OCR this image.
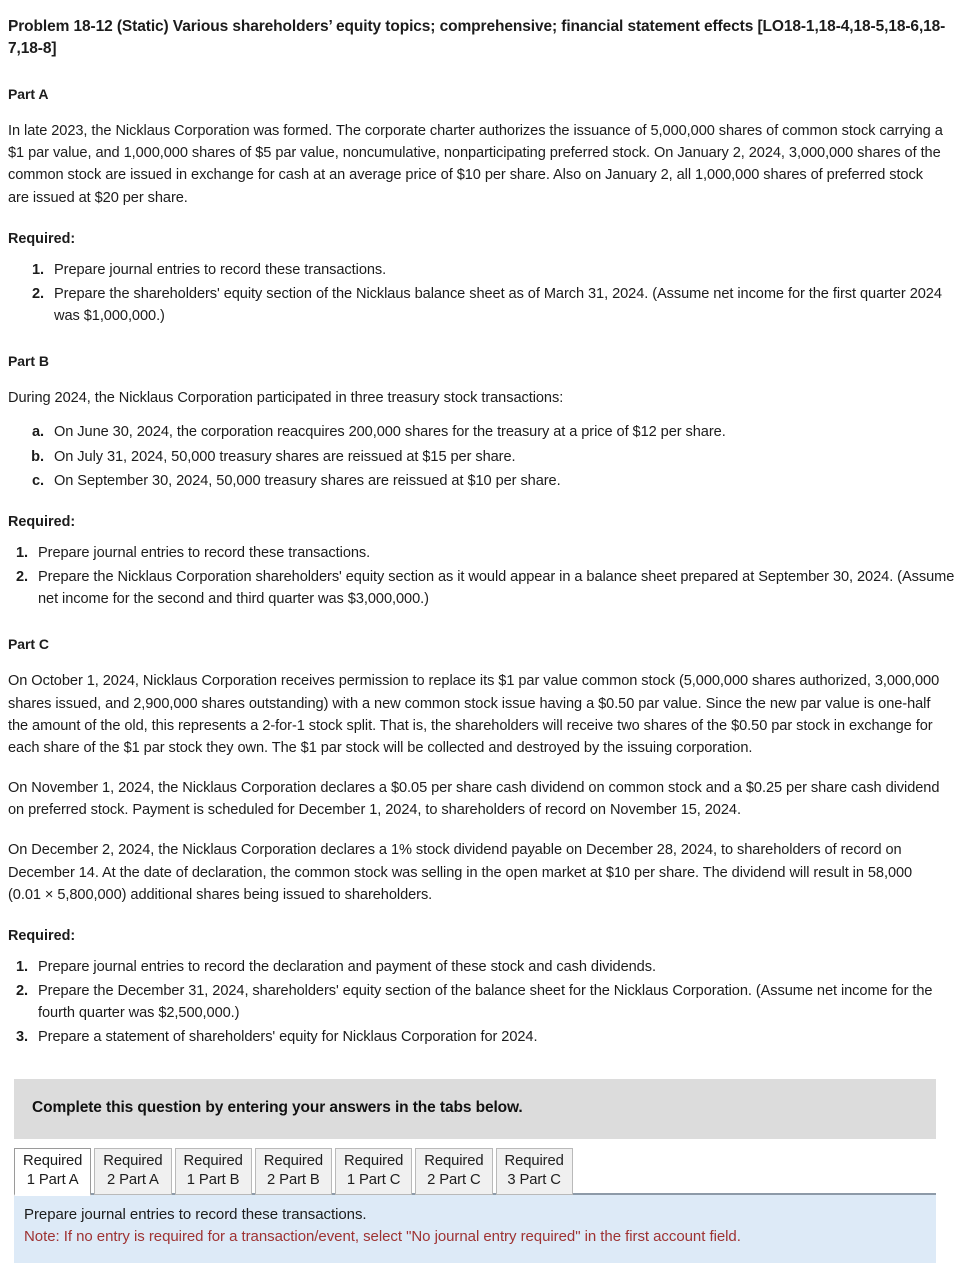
Problem 18-12 (Static) Various shareholders’ equity topics; comprehensive; financial statement effects [LO18-1,18-4,18-5,18-6,18-7,18-8]
Part A

In late 2023, the Nicklaus Corporation was formed. The corporate charter authorizes the issuance of 5,000,000 shares of common stock carrying a $1 par value, and 1,000,000 shares of $5 par value, noncumulative, nonparticipating preferred stock. On January 2, 2024, 3,000,000 shares of the common stock are issued in exchange for cash at an average price of $10 per share. Also on January 2, all 1,000,000 shares of preferred stock are issued at $20 per share.

Required:
1. Prepare journal entries to record these transactions.
2. Prepare the shareholders' equity section of the Nicklaus balance sheet as of March 31, 2024. (Assume net income for the first quarter 2024 was $1,000,000.)
Part B

During 2024, the Nicklaus Corporation participated in three treasury stock transactions:

a. On June 30, 2024, the corporation reacquires 200,000 shares for the treasury at a price of $12 per share.
b. On July 31, 2024, 50,000 treasury shares are reissued at $15 per share.
c. On September 30, 2024, 50,000 treasury shares are reissued at $10 per share.
Required:
1. Prepare journal entries to record these transactions.
2. Prepare the Nicklaus Corporation shareholders' equity section as it would appear in a balance sheet prepared at September 30, 2024. (Assume net income for the second and third quarter was $3,000,000.)
Part C

On October 1, 2024, Nicklaus Corporation receives permission to replace its $1 par value common stock (5,000,000 shares authorized, 3,000,000 shares issued, and 2,900,000 shares outstanding) with a new common stock issue having a $0.50 par value. Since the new par value is one-half the amount of the old, this represents a 2-for-1 stock split. That is, the shareholders will receive two shares of the $0.50 par stock in exchange for each share of the $1 par stock they own. The $1 par stock will be collected and destroyed by the issuing corporation.

On November 1, 2024, the Nicklaus Corporation declares a $0.05 per share cash dividend on common stock and a $0.25 per share cash dividend on preferred stock. Payment is scheduled for December 1, 2024, to shareholders of record on November 15, 2024.

On December 2, 2024, the Nicklaus Corporation declares a 1% stock dividend payable on December 28, 2024, to shareholders of record on December 14. At the date of declaration, the common stock was selling in the open market at $10 per share. The dividend will result in 58,000 (0.01 × 5,800,000) additional shares being issued to shareholders.

Required:
1. Prepare journal entries to record the declaration and payment of these stock and cash dividends.
2. Prepare the December 31, 2024, shareholders' equity section of the balance sheet for the Nicklaus Corporation. (Assume net income for the fourth quarter was $2,500,000.)
3. Prepare a statement of shareholders' equity for Nicklaus Corporation for 2024.
Complete this question by entering your answers in the tabs below.
Required
1 Part A
Required
2 Part A
Required
1 Part B
Required
2 Part B
Required
1 Part C
Required
2 Part C
Required
3 Part C
Prepare journal entries to record these transactions.
Note: If no entry is required for a transaction/event, select "No journal entry required" in the first account field.
